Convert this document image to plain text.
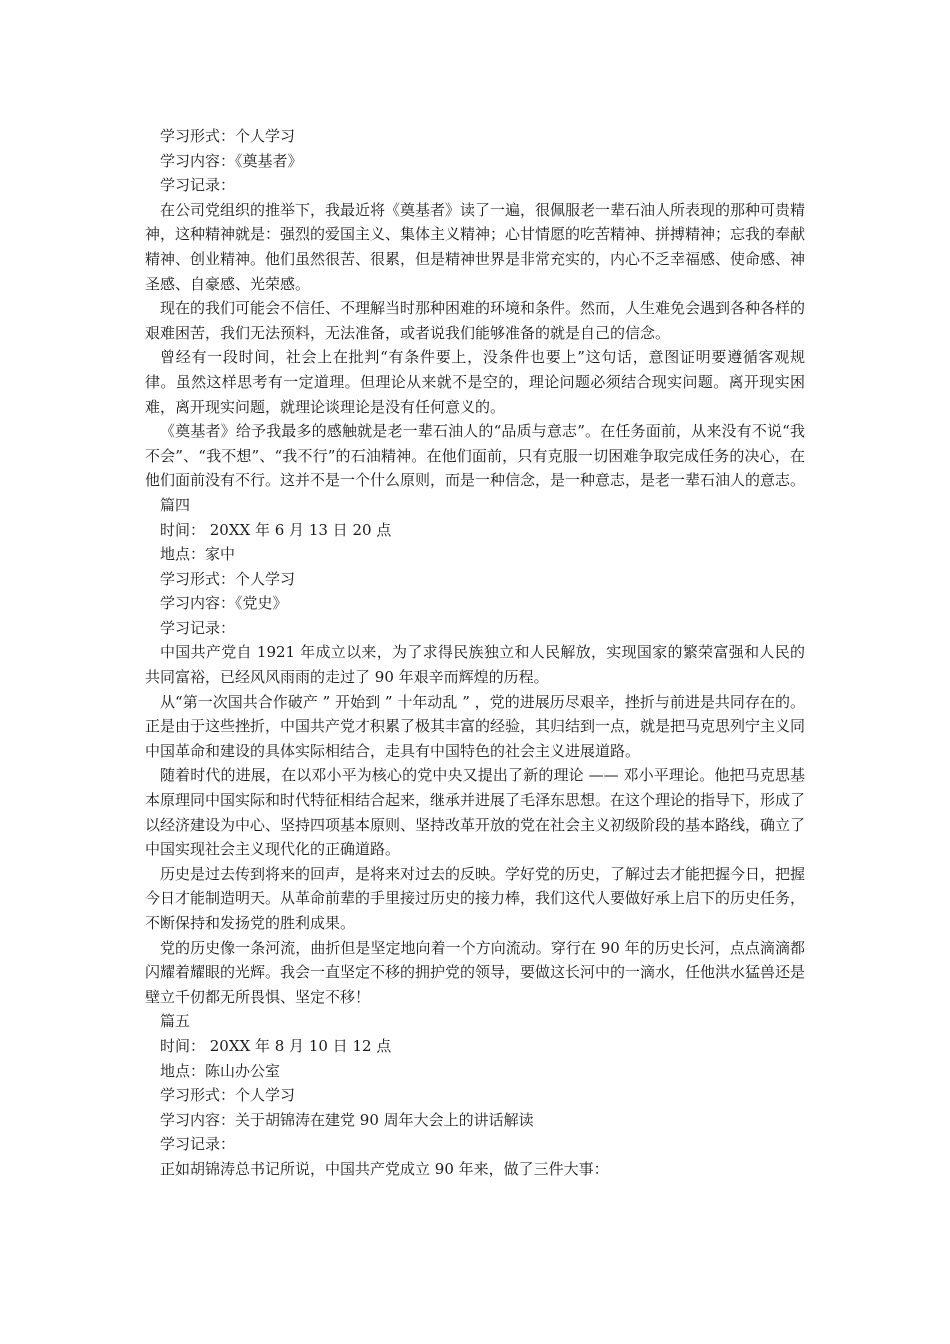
学习形式：个人学习
学习内容：《奠基者》
学习记录：
在公司党组织的推举下，我最近将《奠基者》读了一遍，很佩服老一辈石油人所表现的那种可贵精神，这种精神就是：强烈的爱国主义、集体主义精神；心甘情愿的吃苦精神、拼搏精神；忘我的奉献精神、创业精神。他们虽然很苦、很累，但是精神世界是非常充实的，内心不乏幸福感、使命感、神圣感、自豪感、光荣感。
现在的我们可能会不信任、不理解当时那种困难的环境和条件。然而，人生难免会遇到各种各样的艰难困苦，我们无法预料，无法准备，或者说我们能够准备的就是自己的信念。
曾经有一段时间，社会上在批判“有条件要上，没条件也要上”这句话，意图证明要遵循客观规律。虽然这样思考有一定道理。但理论从来就不是空的，理论问题必须结合现实问题。离开现实困难，离开现实问题，就理论谈理论是没有任何意义的。
《奠基者》给予我最多的感触就是老一辈石油人的“品质与意志”。在任务面前，从来没有不说“我不会”、“我不想”、“我不行”的石油精神。在他们面前，只有克服一切困难争取完成任务的决心，在他们面前没有不行。这并不是一个什么原则，而是一种信念，是一种意志，是老一辈石油人的意志。
篇四
时间： 20XX 年 6 月 13 日 20 点
地点：家中
学习形式：个人学习
学习内容：《党史》
学习记录：
中国共产党自 1921 年成立以来，为了求得民族独立和人民解放，实现国家的繁荣富强和人民的共同富裕，已经风风雨雨的走过了 90 年艰辛而辉煌的历程。
从“第一次国共合作破产 ” 开始到 ” 十年动乱 ” ，党的进展历尽艰辛，挫折与前进是共同存在的。正是由于这些挫折，中国共产党才积累了极其丰富的经验，其归结到一点，就是把马克思列宁主义同中国革命和建设的具体实际相结合，走具有中国特色的社会主义进展道路。
随着时代的进展，在以邓小平为核心的党中央又提出了新的理论 —— 邓小平理论。他把马克思基本原理同中国实际和时代特征相结合起来，继承并进展了毛泽东思想。在这个理论的指导下，形成了以经济建设为中心、坚持四项基本原则、坚持改革开放的党在社会主义初级阶段的基本路线，确立了中国实现社会主义现代化的正确道路。
历史是过去传到将来的回声，是将来对过去的反映。学好党的历史，了解过去才能把握今日，把握今日才能制造明天。从革命前辈的手里接过历史的接力棒，我们这代人要做好承上启下的历史任务，不断保持和发扬党的胜利成果。
党的历史像一条河流，曲折但是坚定地向着一个方向流动。穿行在 90 年的历史长河，点点滴滴都闪耀着耀眼的光辉。我会一直坚定不移的拥护党的领导，要做这长河中的一滴水，任他洪水猛兽还是壁立千仞都无所畏惧、坚定不移！
篇五
时间： 20XX 年 8 月 10 日 12 点
地点：陈山办公室
学习形式：个人学习
学习内容：关于胡锦涛在建党 90 周年大会上的讲话解读
学习记录：
正如胡锦涛总书记所说，中国共产党成立 90 年来，做了三件大事：
